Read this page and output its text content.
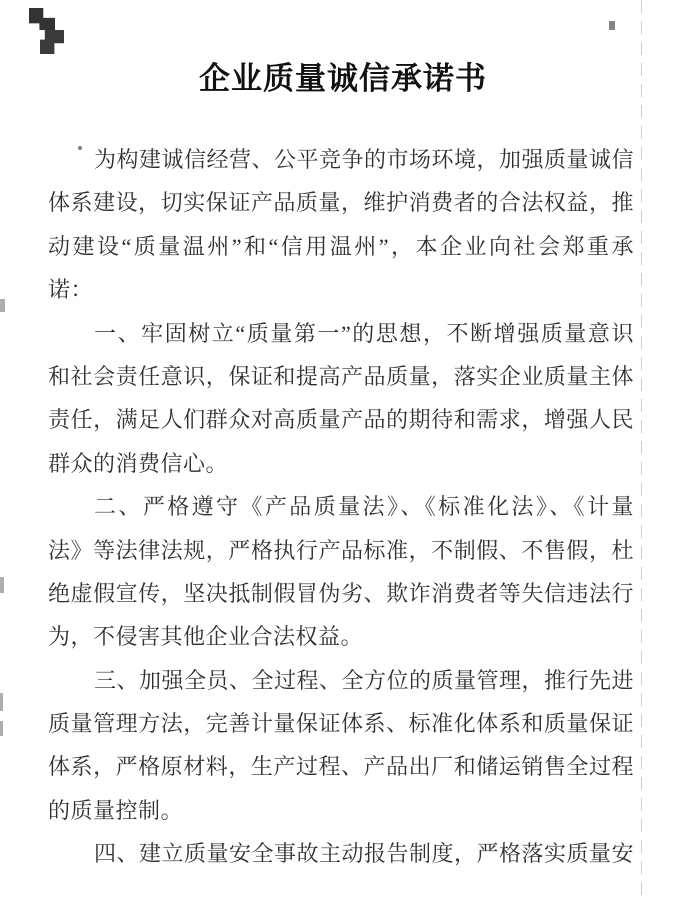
企业质量诚信承诺书
为构建诚信经营、公平竞争的市场环境，加强质量诚信
体系建设，切实保证产品质量，维护消费者的合法权益，推
动建设“质量温州”和“信用温州”，本企业向社会郑重承
诺：
一、牢固树立“质量第一”的思想，不断增强质量意识
和社会责任意识，保证和提高产品质量，落实企业质量主体
责任，满足人们群众对高质量产品的期待和需求，增强人民
群众的消费信心。
二、严格遵守《产品质量法》、《标准化法》、《计量
法》等法律法规，严格执行产品标准，不制假、不售假，杜
绝虚假宣传，坚决抵制假冒伪劣、欺诈消费者等失信违法行
为，不侵害其他企业合法权益。
三、加强全员、全过程、全方位的质量管理，推行先进
质量管理方法，完善计量保证体系、标准化体系和质量保证
体系，严格原材料，生产过程、产品出厂和储运销售全过程
的质量控制。
四、建立质量安全事故主动报告制度，严格落实质量安
